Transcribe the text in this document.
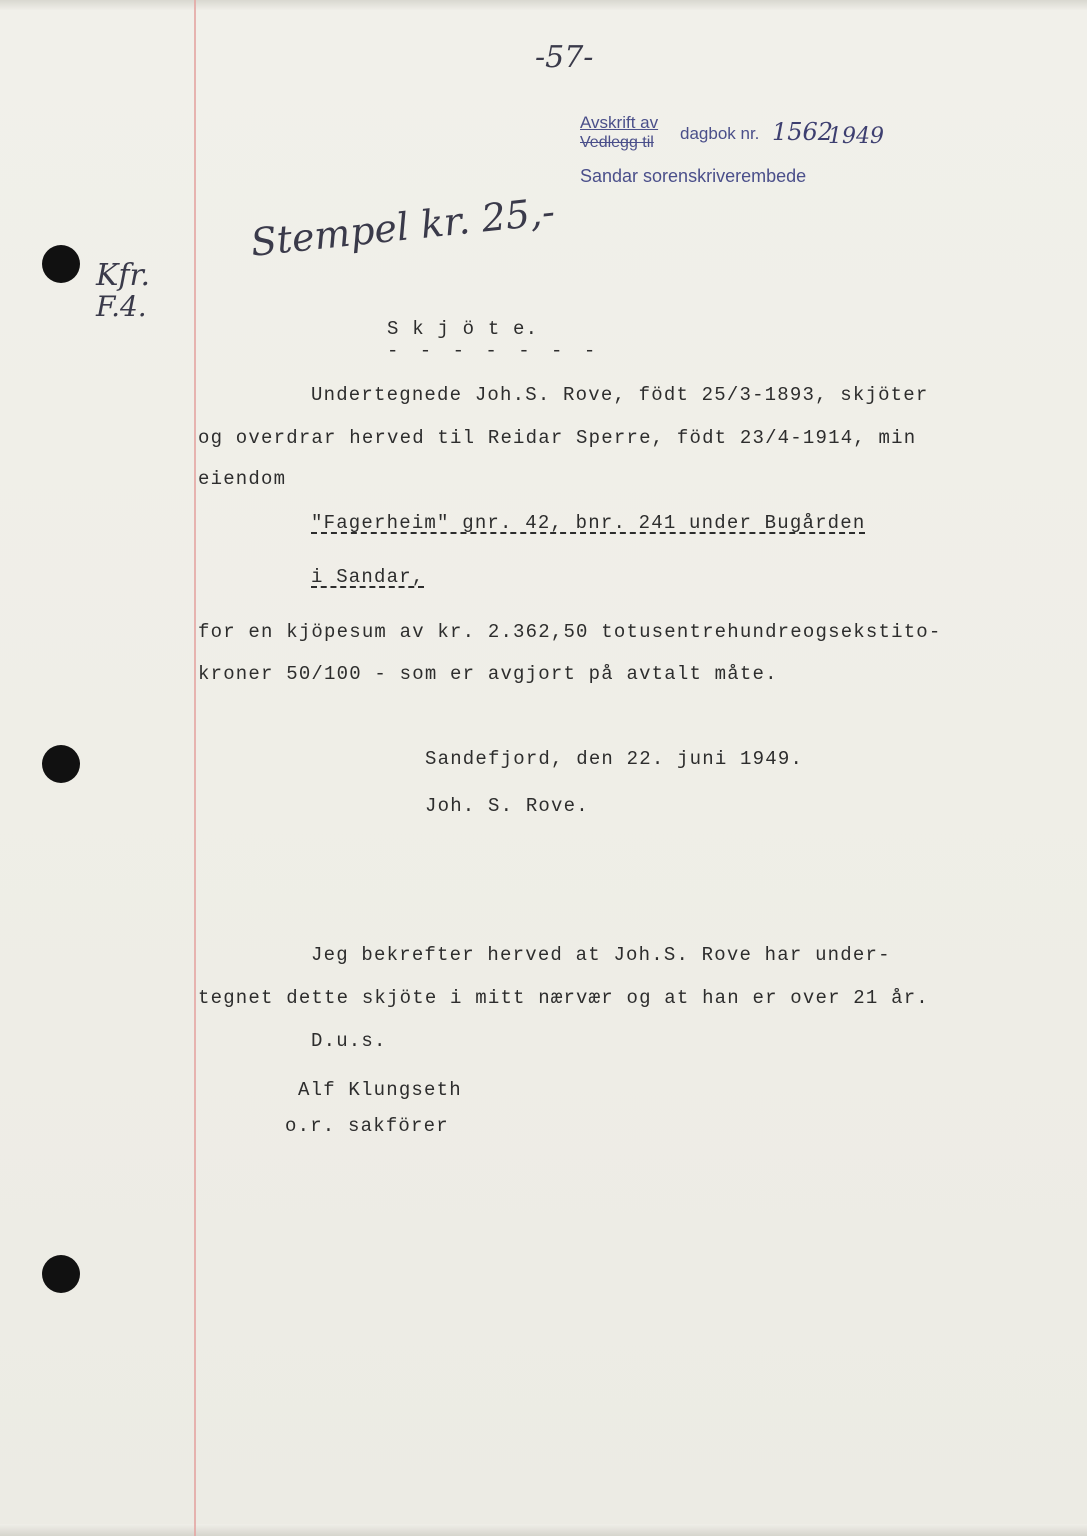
-57-
Avskrift av
Vedlegg til dagbok nr. 1562
1949
Sandar sorenskriverembede
Stempel kr. 25,-
Kfr.
F.4.
S k j ö t e.
- - - - - - -
Undertegnede Joh.S. Rove, födt 25/3-1893, skjöter
og overdrar herved til Reidar Sperre, födt 23/4-1914, min
eiendom
"Fagerheim" gnr. 42, bnr. 241 under Bugården
i Sandar,
for en kjöpesum av kr. 2.362,50 totusentrehundreogsekstito-
kroner 50/100 - som er avgjort på avtalt måte.
Sandefjord, den 22. juni 1949.
Joh. S. Rove.
Jeg bekrefter herved at Joh.S. Rove har under-
tegnet dette skjöte i mitt nærvær og at han er over 21 år.
D.u.s.
Alf Klungseth
o.r. sakförer
